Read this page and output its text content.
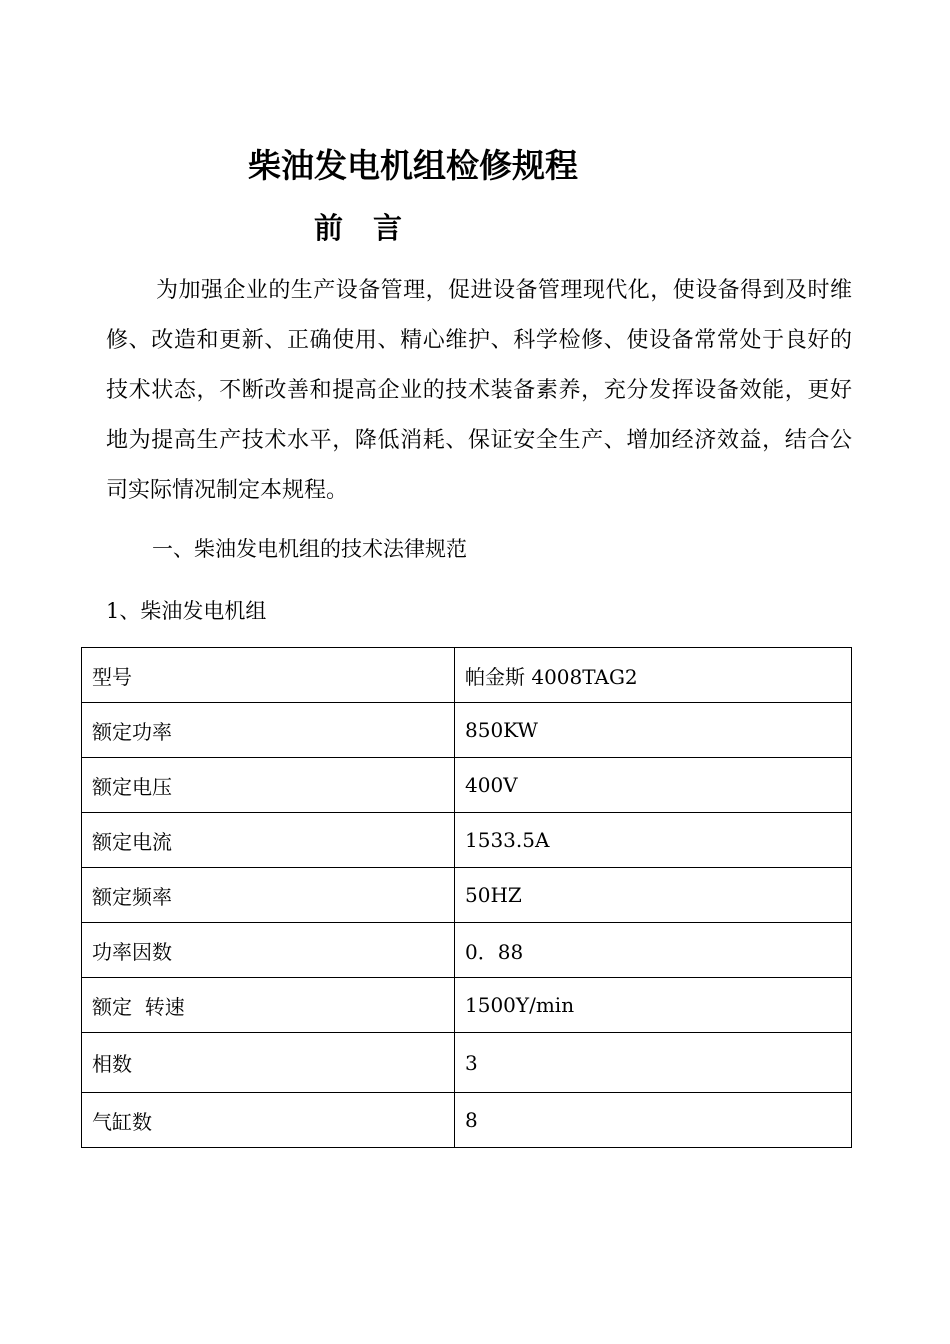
柴油发电机组检修规程
前言

为加强企业的生产设备管理，促进设备管理现代化，使设备得到及时维修、改造和更新、正确使用、精心维护、科学检修、使设备常常处于良好的技术状态，不断改善和提高企业的技术装备素养，充分发挥设备效能，更好地为提高生产技术水平，降低消耗、保证安全生产、增加经济效益，结合公司实际情况制定本规程。

一、柴油发电机组的技术法律规范

1、柴油发电机组

型号	帕金斯 4008TAG2
额定功率	850KW
额定电压	400V
额定电流	1533.5A
额定频率	50HZ
功率因数	0．88
额定  转速	1500Y/min
相数	3
气缸数	8
